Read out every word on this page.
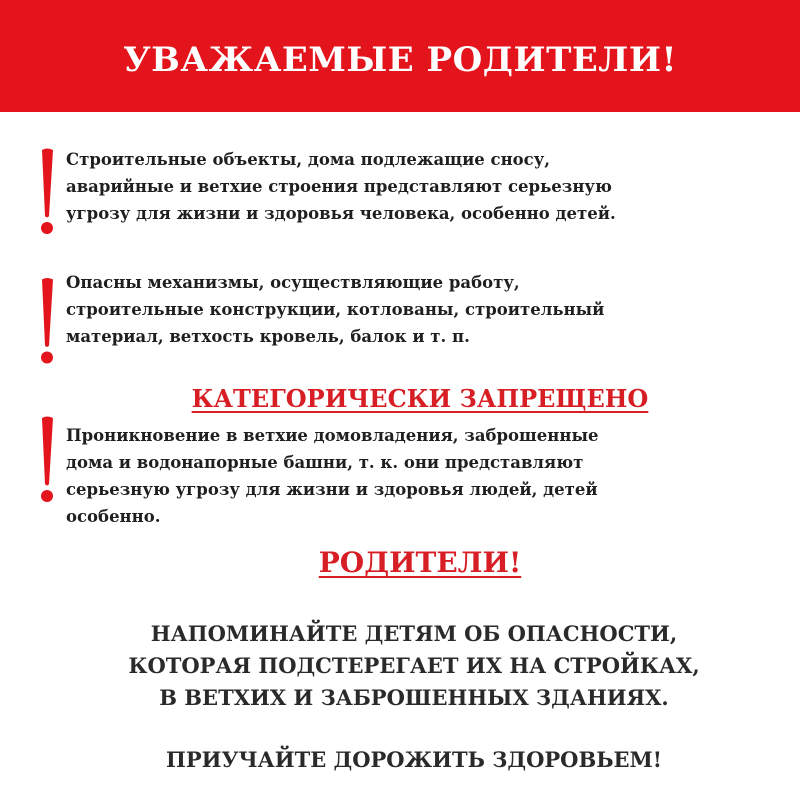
УВАЖАЕМЫЕ РОДИТЕЛИ!

Строительные объекты, дома подлежащие сносу,
аварийные и ветхие строения представляют серьезную
угрозу для жизни и здоровья человека, особенно детей.

Опасны механизмы, осуществляющие работу,
строительные конструкции, котлованы, строительный
материал, ветхость кровель, балок и т. п.

КАТЕГОРИЧЕСКИ ЗАПРЕЩЕНО

Проникновение в ветхие домовладения, заброшенные
дома и водонапорные башни, т. к. они представляют
серьезную угрозу для жизни и здоровья людей, детей
особенно.

РОДИТЕЛИ!
НАПОМИНАЙТЕ ДЕТЯМ ОБ ОПАСНОСТИ,
КОТОРАЯ ПОДСТЕРЕГАЕТ ИХ НА СТРОЙКАХ,
В ВЕТХИХ И ЗАБРОШЕННЫХ ЗДАНИЯХ.
ПРИУЧАЙТЕ ДОРОЖИТЬ ЗДОРОВЬЕМ!
